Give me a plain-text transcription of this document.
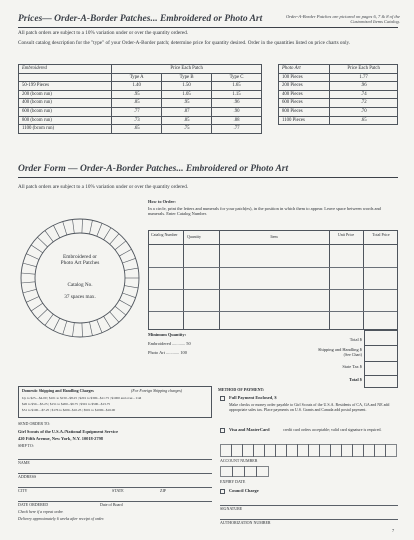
Prices— Order-A-Border Patches... Embroidered or Photo Art	Order-A-Border Patches are pictured on pages 6, 7 & 8 of the Customized Items Catalog.
All patch orders are subject to a 10% variation under or over the quantity ordered.
Consult catalog description for the "type" of your Order-A-Border patch; determine price for quantity desired. Order in the quantities listed on price charts only.
Embroidered	Price Each Patch		
	Type A	Type B	Type C
50-199 Pieces	1.40	1.50	1.65
200 (bcom run)	.95	1.05	1.15
400 (bcom run)	.85	.95	.96
600 (bcom run)	.77	.87	.90
800 (bcom run)	.73	.85	.88
1100 (bcom run)	.65	.75	.77
Photo Art	Price Each Patch
100 Pieces	1.77
200 Pieces	.96
400 Pieces	.74
600 Pieces	.72
800 Pieces	.70
1100 Pieces	.65
Order Form — Order-A-Border Patches... Embroidered or Photo Art
All patch orders are subject to a 10% variation under or over the quantity ordered.
Embroidered or
Photo Art Patches
Catalog No.
37 spaces max.
How to Order:
In a circle, print the letters and numerals for your patch(es), in the position in which them to appear. Leave space between words and numerals. Enter Catalog Number.
Catalog Number	Quantity	Item	Unit Price	Total Price
Minimum Quantity:
Embroidered ............ 50
Photo Art ............ 100
Total $
Shipping and Handling $
(See Chart)
State Tax $
Total $
Domestic Shipping and Handling Charges	(For Foreign Shipping charges)
Up to $25....$4.00 | $101 to $150...$8.25 | $201 to $300...$11.75 | $1000 and over... Call
$26 to $50....$5.25 | $151 to $200...$9.75 | $301 to $500...$13.75
$51 to $100....$7.25 | $176 to $200...$10.25 | $501 to $1000...$16.00
SEND ORDER TO:
Girl Scouts of the U.S.A./National Equipment Service
420 Fifth Avenue, New York, N.Y. 10018-2798
SHIP TO:
NAME
ADDRESS
CITY	STATE	ZIP
DATE ORDERED	Date of Board
Check here if a repeat order.
Delivery approximately 6 weeks after receipt of order.
METHOD OF PAYMENT:
Full Payment Enclosed, $
Make checks or money order payable to Girl Scouts of the U.S.A. Residents of CA, GA and NE add appropriate sales tax. Place payments on U.S. Grants and Canada add postal payment.
Visa and MasterCard	credit card orders acceptable; valid card signature is required.
ACCOUNT NUMBER
EXPIRY DATE
Council Charge
SIGNATURE
AUTHORIZATION NUMBER
7
